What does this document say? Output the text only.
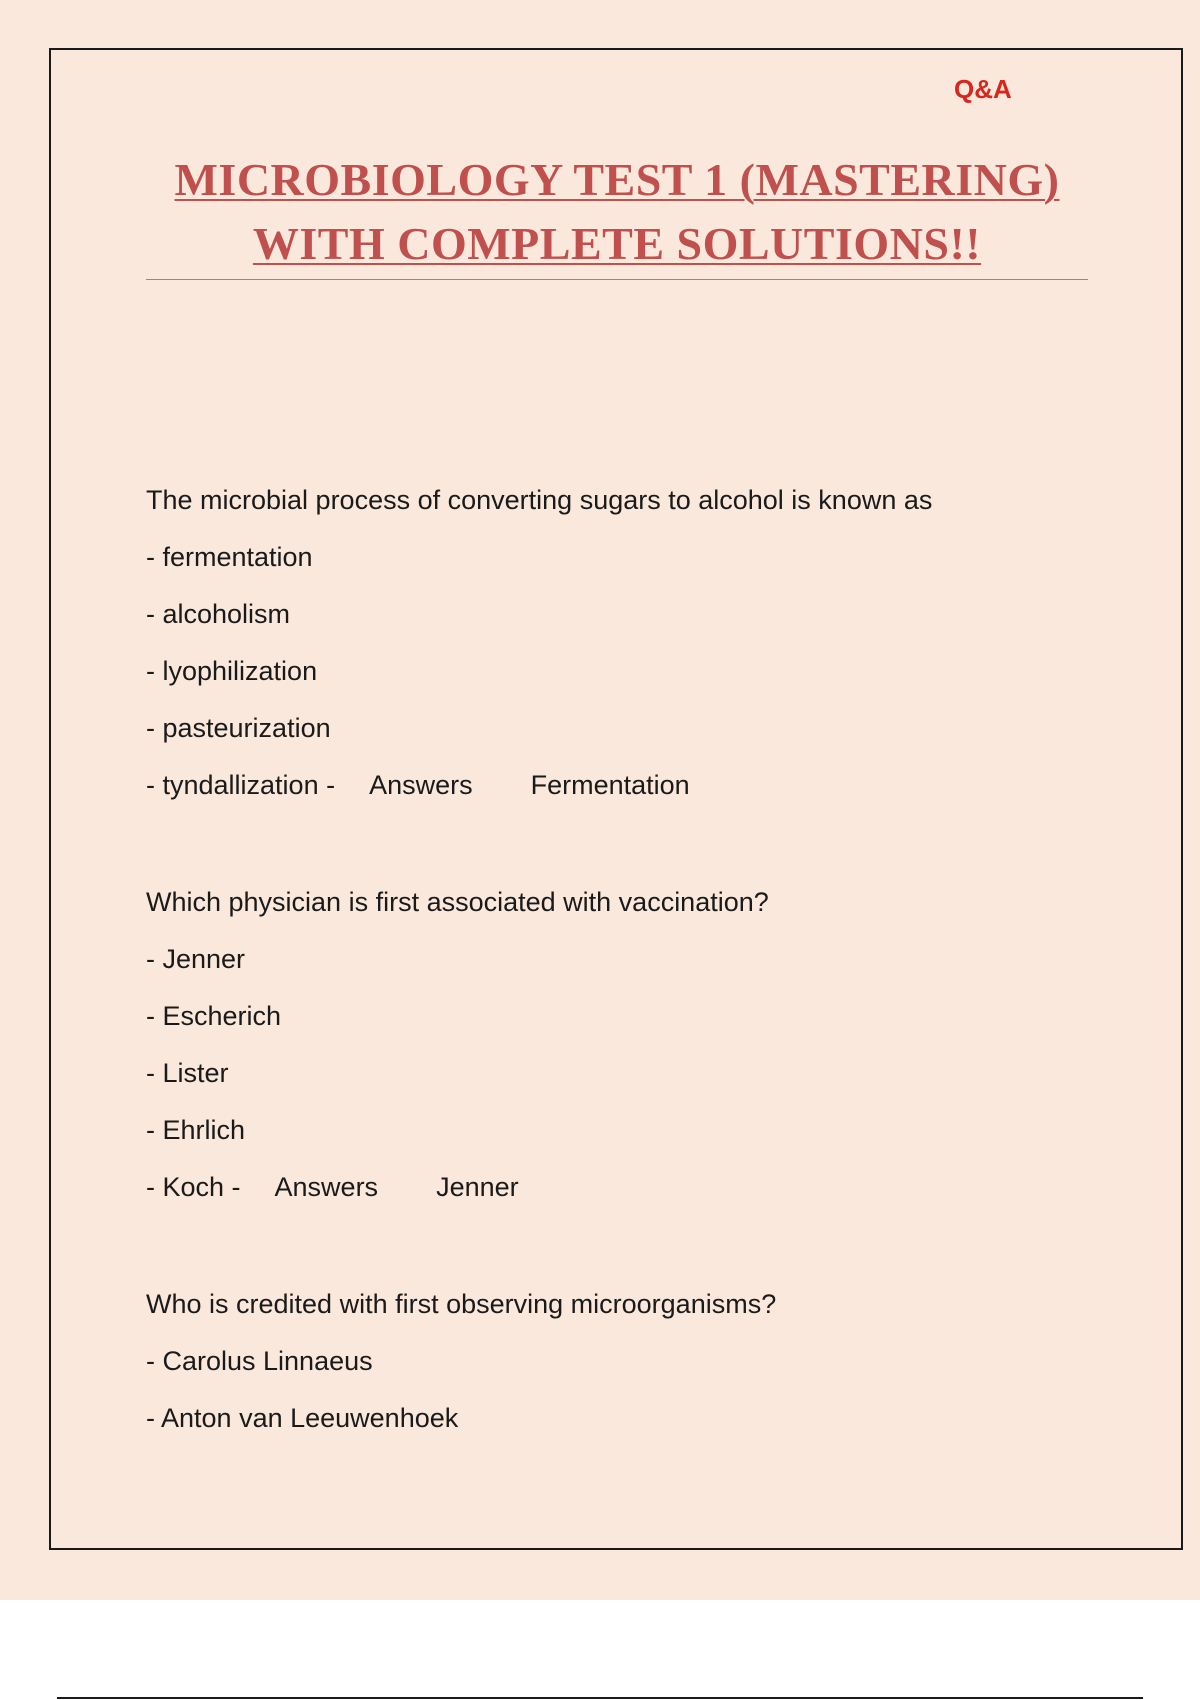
Q&A
MICROBIOLOGY TEST 1 (MASTERING) WITH COMPLETE SOLUTIONS!!
The microbial process of converting sugars to alcohol is known as
- fermentation
- alcoholism
- lyophilization
- pasteurization
- tyndallization - Answers Fermentation
Which physician is first associated with vaccination?
- Jenner
- Escherich
- Lister
- Ehrlich
- Koch - Answers Jenner
Who is credited with first observing microorganisms?
- Carolus Linnaeus
- Anton van Leeuwenhoek
